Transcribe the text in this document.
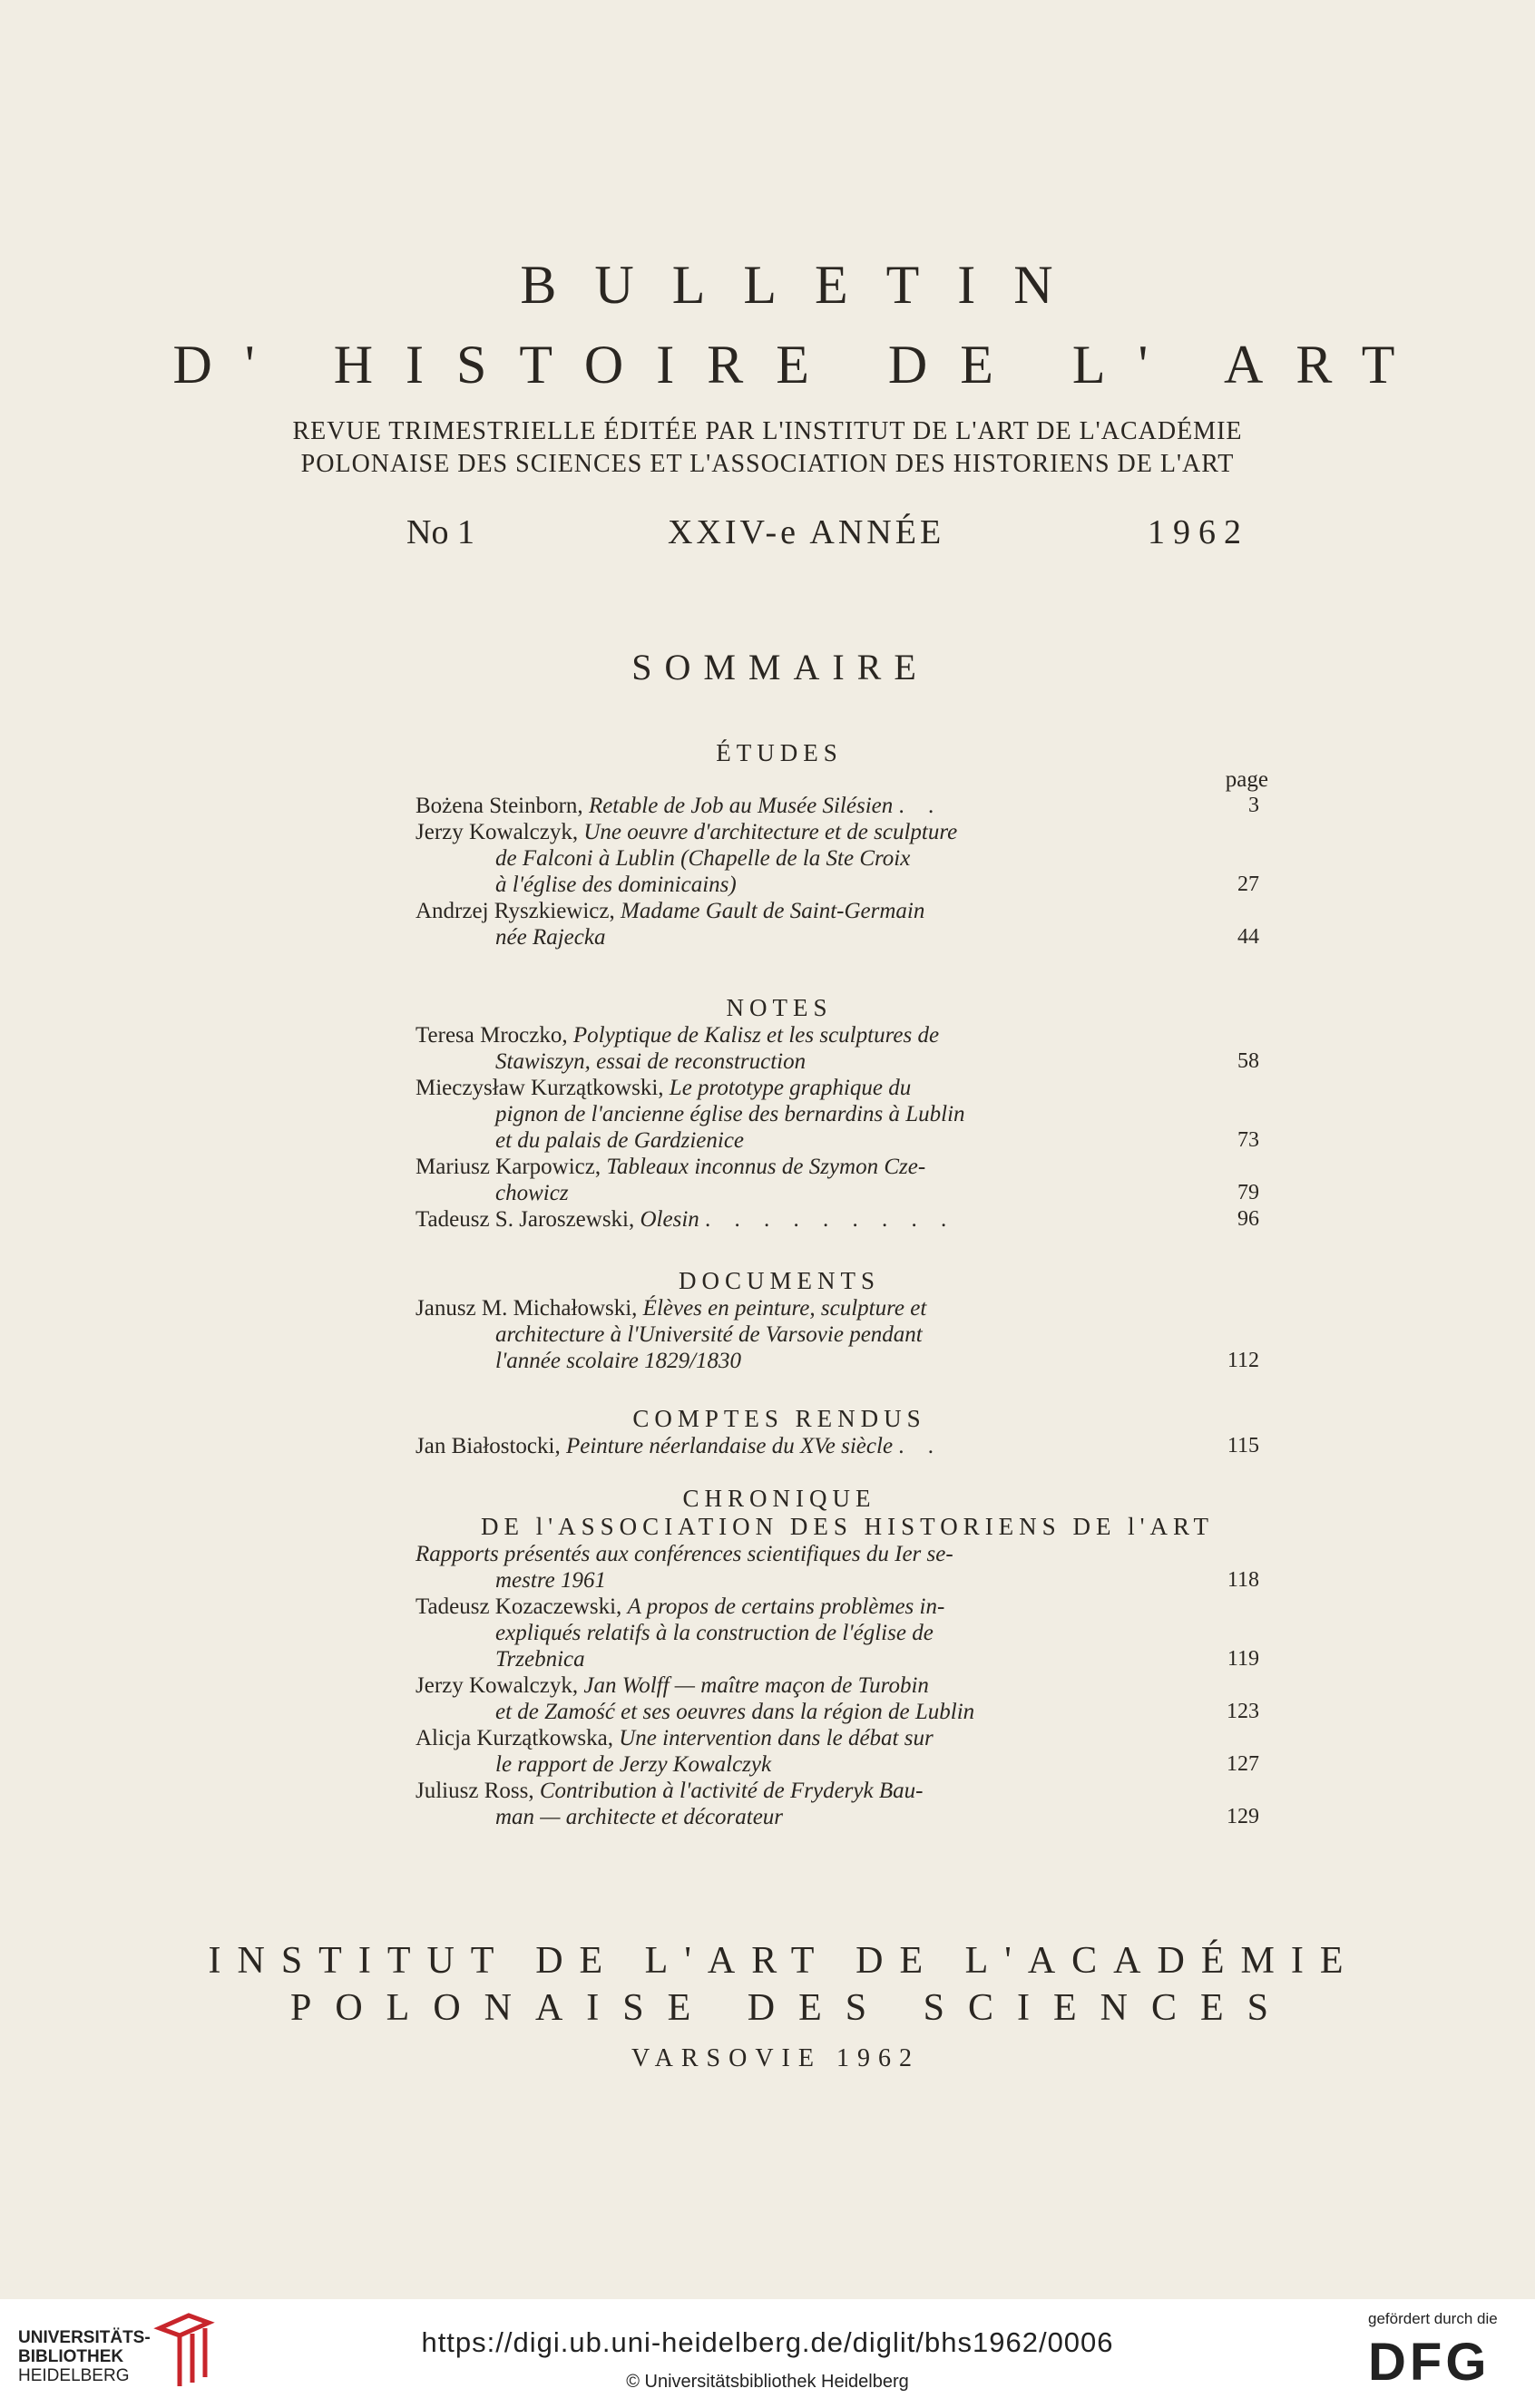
BULLETIN
D' HISTOIRE DE L' ART
REVUE TRIMESTRIELLE ÉDITÉE PAR L'INSTITUT DE L'ART DE L'ACADÉMIE
POLONAISE DES SCIENCES ET L'ASSOCIATION DES HISTORIENS DE L'ART
No 1	XXIV-e ANNÉE	1962
SOMMAIRE
ÉTUDES
page
Bożena Steinborn, Retable de Job au Musée Silésien . .	3
Jerzy Kowalczyk, Une oeuvre d'architecture et de sculpture
de Falconi à Lublin (Chapelle de la Ste Croix
à l'église des dominicains)	27
Andrzej Ryszkiewicz, Madame Gault de Saint-Germain
née Rajecka	44
NOTES
Teresa Mroczko, Polyptique de Kalisz et les sculptures de
Stawiszyn, essai de reconstruction	58
Mieczysław Kurzątkowski, Le prototype graphique du
pignon de l'ancienne église des bernardins à Lublin
et du palais de Gardzienice	73
Mariusz Karpowicz, Tableaux inconnus de Szymon Cze-
chowicz	79
Tadeusz S. Jaroszewski, Olesin . . . . . . . . .	96
DOCUMENTS
Janusz M. Michałowski, Élèves en peinture, sculpture et
architecture à l'Université de Varsovie pendant
l'année scolaire 1829/1830	112
COMPTES RENDUS
Jan Białostocki, Peinture néerlandaise du XVe siècle . .	115
CHRONIQUE
DE l'ASSOCIATION DES HISTORIENS DE l'ART
Rapports présentés aux conférences scientifiques du Ier se-
mestre 1961	118
Tadeusz Kozaczewski, A propos de certains problèmes in-
expliqués relatifs à la construction de l'église de
Trzebnica	119
Jerzy Kowalczyk, Jan Wolff — maître maçon de Turobin
et de Zamość et ses oeuvres dans la région de Lublin	123
Alicja Kurzątkowska, Une intervention dans le débat sur
le rapport de Jerzy Kowalczyk	127
Juliusz Ross, Contribution à l'activité de Fryderyk Bau-
man — architecte et décorateur	129
INSTITUT DE L'ART DE L'ACADÉMIE
POLONAISE DES SCIENCES
VARSOVIE 1962
UNIVERSITÄTS-
BIBLIOTHEK
HEIDELBERG
https://digi.ub.uni-heidelberg.de/diglit/bhs1962/0006
© Universitätsbibliothek Heidelberg
gefördert durch die
DFG
